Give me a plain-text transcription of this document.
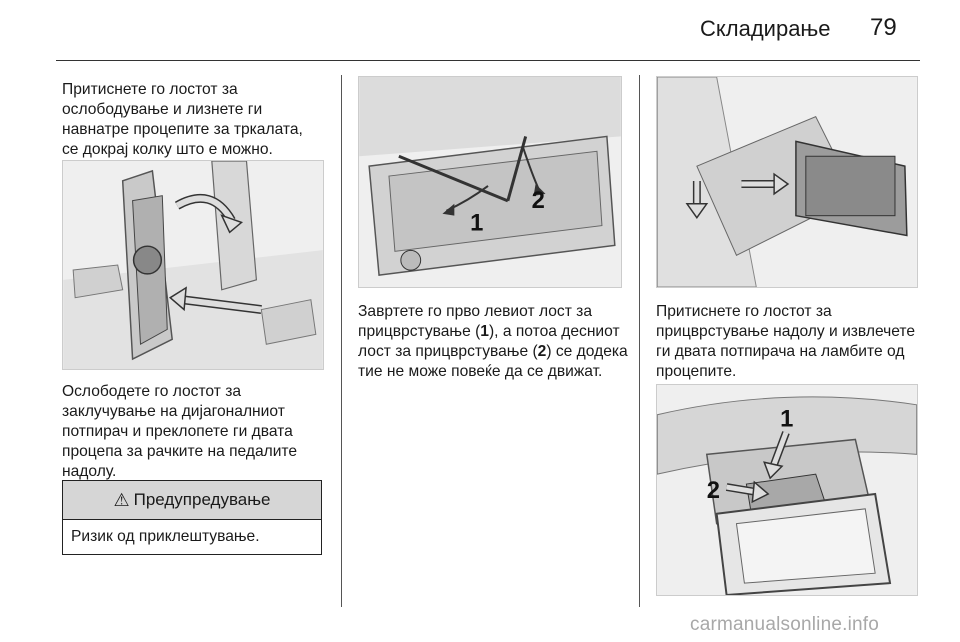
Складирање 79
Притиснете го лостот за ослободување и лизнете ги навнатре процепите за тркалата, се докрај колку што е можно.
Ослободете го лостот за заклучување на дијагоналниот потпирач и преклопете ги двата процепа за рачките на педалите надолу.
⚠ Предупредување
Ризик од приклештување.
1
2
Завртете го прво левиот лост за прицврстување (1), а потоа десниот лост за прицврстување (2) се додека тие не може повеќе да се движат.
Притиснете го лостот за прицврстување надолу и извлечете ги двата потпирача на ламбите од процепите.
1
2
carmanualsonline.info
